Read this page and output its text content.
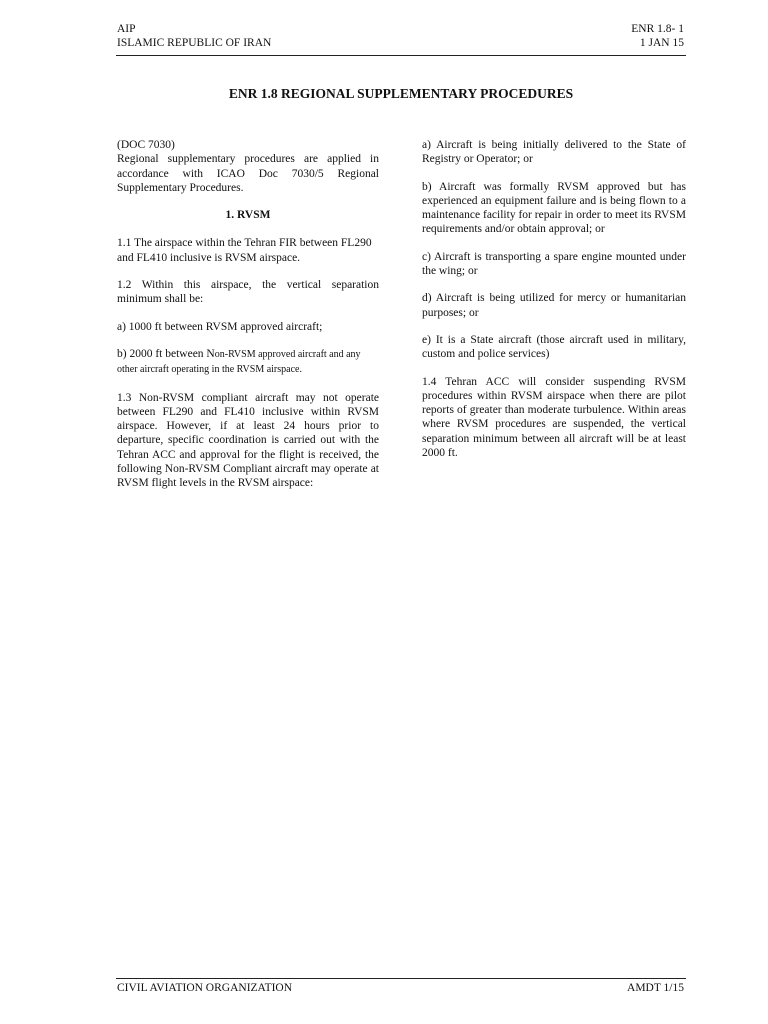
AIP
ISLAMIC REPUBLIC OF IRAN
ENR 1.8- 1
1 JAN 15
ENR 1.8 REGIONAL SUPPLEMENTARY PROCEDURES
(DOC 7030)

Regional supplementary procedures are applied in accordance with ICAO Doc 7030/5 Regional Supplementary Procedures.

1. RVSM

1.1 The airspace within the Tehran FIR between FL290 and FL410 inclusive is RVSM airspace.

1.2 Within this airspace, the vertical separation minimum shall be:

a) 1000 ft between RVSM approved aircraft;

b) 2000 ft between Non-RVSM approved aircraft and any other aircraft operating in the RVSM airspace.

1.3 Non-RVSM compliant aircraft may not operate between FL290 and FL410 inclusive within RVSM airspace. However, if at least 24 hours prior to departure, specific coordination is carried out with the Tehran ACC and approval for the flight is received, the following Non-RVSM Compliant aircraft may operate at RVSM flight levels in the RVSM airspace:

a) Aircraft is being initially delivered to the State of Registry or Operator; or

b) Aircraft was formally RVSM approved but has experienced an equipment failure and is being flown to a maintenance facility for repair in order to meet its RVSM requirements and/or obtain approval; or

c) Aircraft is transporting a spare engine mounted under the wing; or

d) Aircraft is being utilized for mercy or humanitarian purposes; or

e) It is a State aircraft (those aircraft used in military, custom and police services)

1.4 Tehran ACC will consider suspending RVSM procedures within RVSM airspace when there are pilot reports of greater than moderate turbulence. Within areas where RVSM procedures are suspended, the vertical separation minimum between all aircraft will be at least 2000 ft.

CIVIL AVIATION ORGANIZATION	AMDT 1/15
